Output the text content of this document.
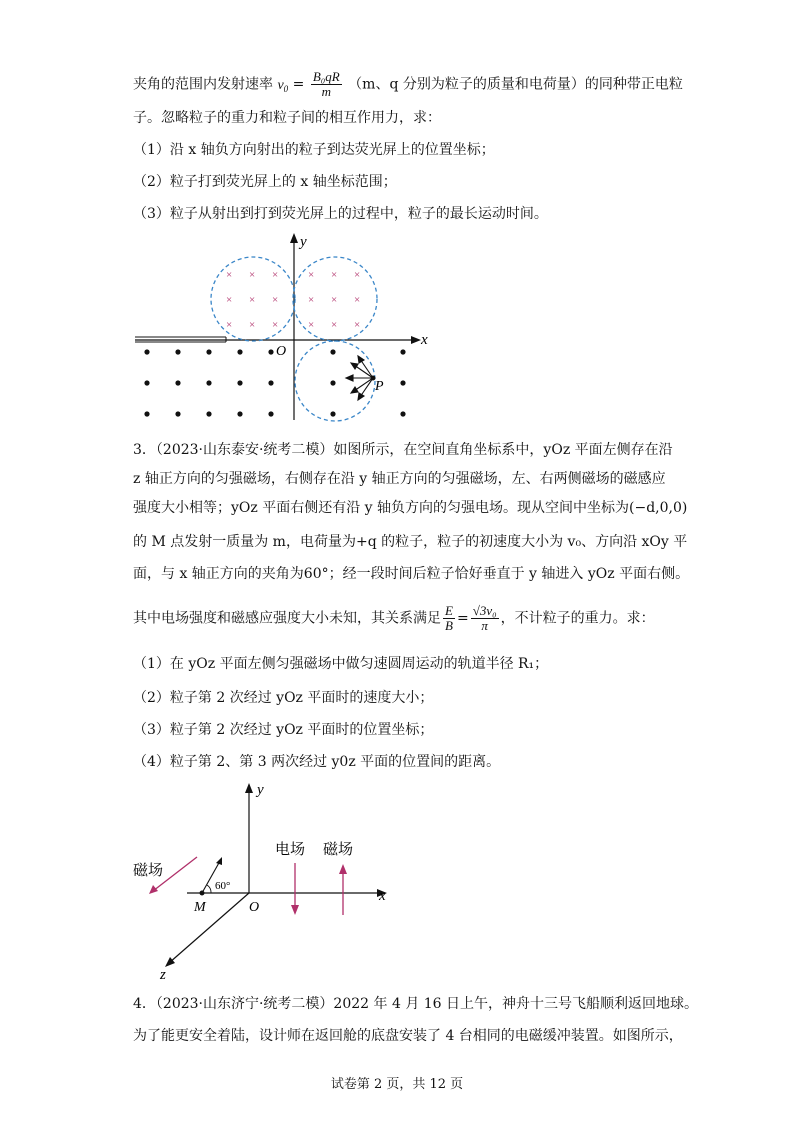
夹角的范围内发射速率 $v_0 = \frac{\text{B₀qR}}{m} (m$、q 分别为粒子的质量和电荷量）的同种带正电粒
子。忽略粒子的重力和粒子间的相互作用力，求：
（1）沿 x 轴负方向射出的粒子到达荧光屏上的位置坐标；
（2）粒子打到荧光屏上的 x 轴坐标范围；
（3）粒子从射出到打到荧光屏上的过程中，粒子的最长运动时间。
y
x
O
× × ×
× × ×
× × ×
× × ×
× × ×
× × ×
P
3．（2023·山东泰安·统考二模）如图所示，在空间直角坐标系中，yOz 平面左侧存在沿
z 轴正方向的匀强磁场，右侧存在沿 y 轴正方向的匀强磁场，左、右两侧磁场的磁感应
强度大小相等；yOz 平面右侧还有沿 y 轴负方向的匀强电场。现从空间中坐标为(−d,0,0)
的 M 点发射一质量为 m，电荷量为+q 的粒子，粒子的初速度大小为 v₀、方向沿 xOy 平
面，与 x 轴正方向的夹角为60°；经一段时间后粒子恰好垂直于 y 轴进入 yOz 平面右侧。
其中电场强度和磁感应强度大小未知，其关系满足 $\frac{E}{B} = \frac{\text{√3v₀}}{\pi}$ ，不计粒子的重力。求：
（1）在 yOz 平面左侧匀强磁场中做匀速圆周运动的轨道半径 R₁；
（2）粒子第 2 次经过 yOz 平面时的速度大小；
（3）粒子第 2 次经过 yOz 平面时的位置坐标；
（4）粒子第 2、第 3 两次经过 y0z 平面的位置间的距离。
y
x
z
O
M
60°
磁场
电场 磁场
4．（2023·山东济宁·统考二模）2022 年 4 月 16 日上午，神舟十三号飞船顺利返回地球。
为了能更安全着陆，设计师在返回舱的底盘安装了 4 台相同的电磁缓冲装置。如图所示，
试卷第 2 页，共 12 页
